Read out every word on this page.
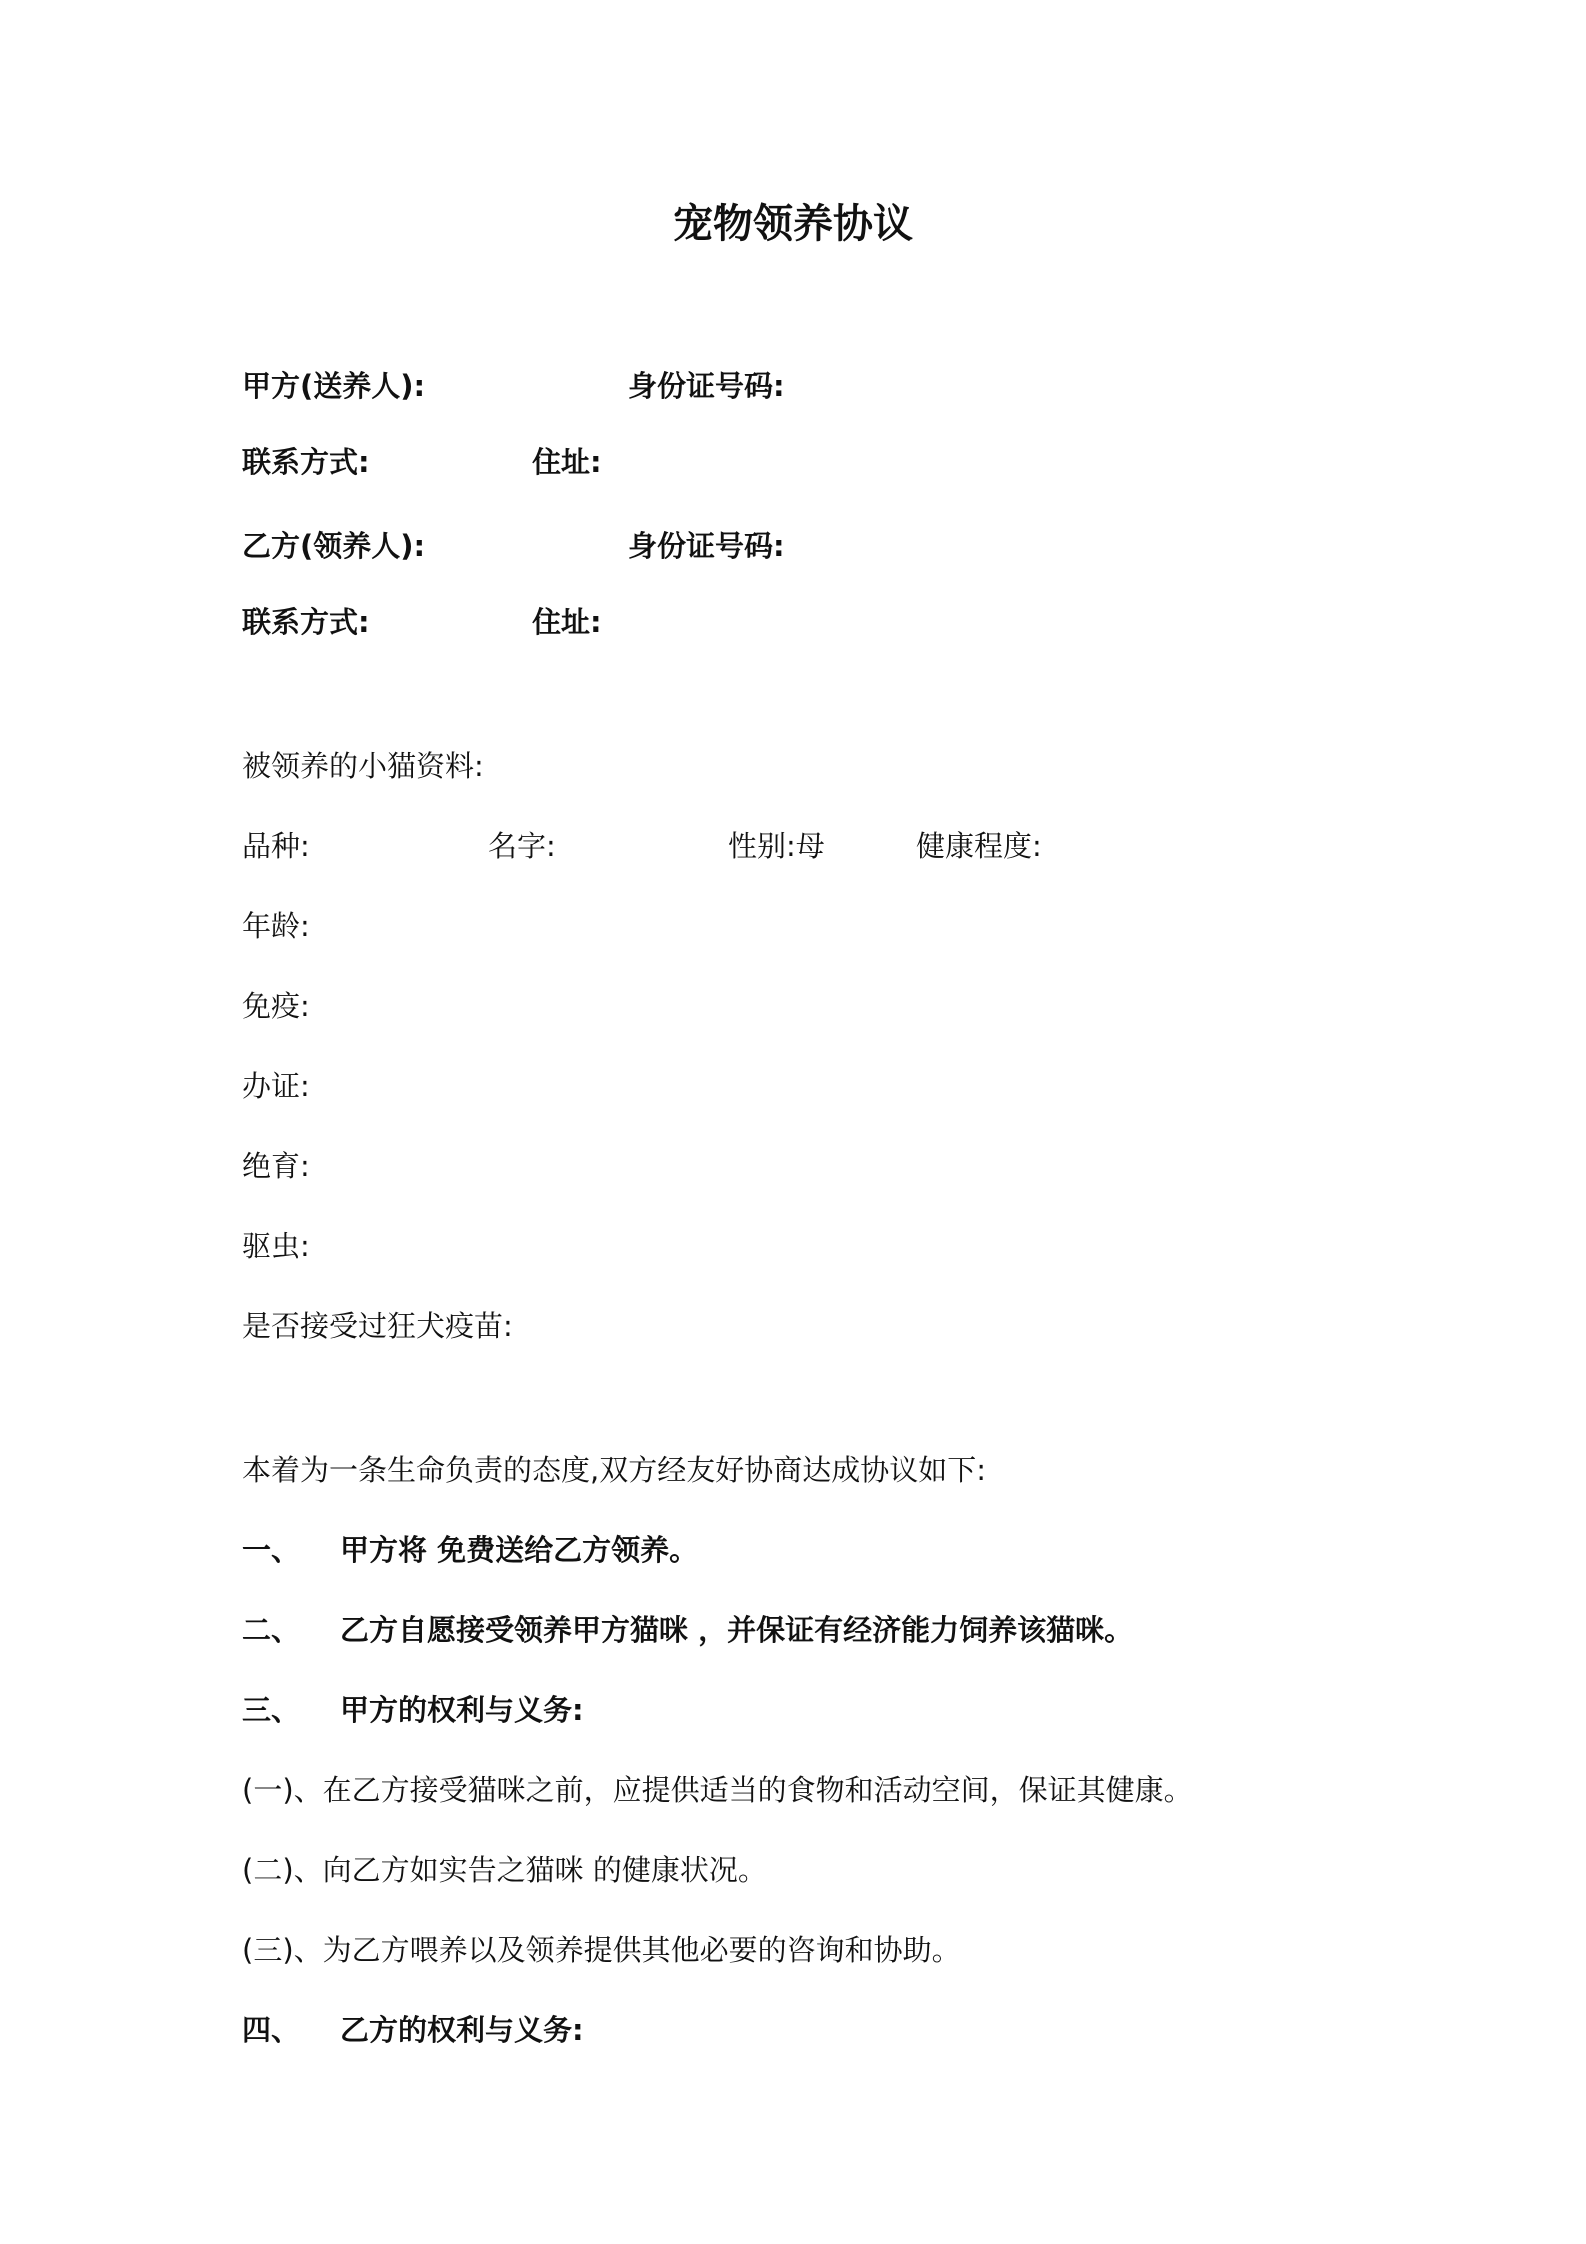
宠物领养协议
甲方(送养人):	身份证号码:
联系方式:	住址:
乙方(领养人):	身份证号码:
联系方式:	住址:
被领养的小猫资料:
品种:	名字:	性别:母	健康程度:
年龄:
免疫:
办证:
绝育:
驱虫:
是否接受过狂犬疫苗:
本着为一条生命负责的态度,双方经友好协商达成协议如下:
一、 甲方将 免费送给乙方领养。
二、 乙方自愿接受领养甲方猫咪 ，并保证有经济能力饲养该猫咪。
三、 甲方的权利与义务:
(一)、在乙方接受猫咪之前，应提供适当的食物和活动空间，保证其健康。
(二)、向乙方如实告之猫咪 的健康状况。
(三)、为乙方喂养以及领养提供其他必要的咨询和协助。
四、 乙方的权利与义务:
